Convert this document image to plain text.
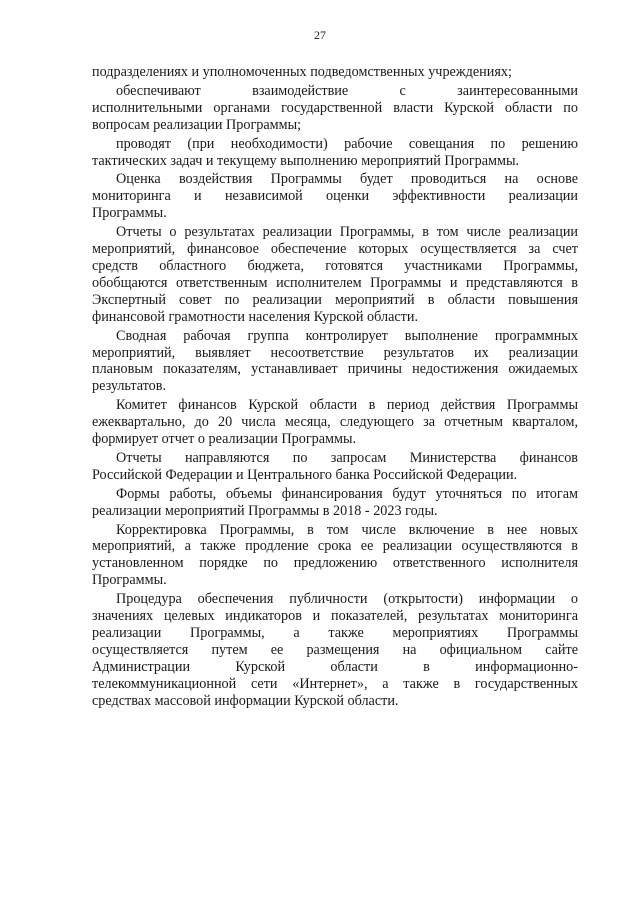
27
подразделениях и уполномоченных подведомственных учреждениях;
обеспечивают взаимодействие с заинтересованными
исполнительными органами государственной власти Курской области по
вопросам реализации Программы;
проводят (при необходимости) рабочие совещания по решению
тактических задач и текущему выполнению мероприятий Программы.
Оценка воздействия Программы будет проводиться на основе
мониторинга и независимой оценки эффективности реализации
Программы.
Отчеты о результатах реализации Программы, в том числе реализации
мероприятий, финансовое обеспечение которых осуществляется за счет
средств областного бюджета, готовятся участниками Программы,
обобщаются ответственным исполнителем Программы и представляются в
Экспертный совет по реализации мероприятий в области повышения
финансовой грамотности населения Курской области.
Сводная рабочая группа контролирует выполнение программных
мероприятий, выявляет несоответствие результатов их реализации
плановым показателям, устанавливает причины недостижения ожидаемых
результатов.
Комитет финансов Курской области в период действия Программы
ежеквартально, до 20 числа месяца, следующего за отчетным кварталом,
формирует отчет о реализации Программы.
Отчеты направляются по запросам Министерства финансов
Российской Федерации и Центрального банка Российской Федерации.
Формы работы, объемы финансирования будут уточняться по итогам
реализации мероприятий Программы в 2018 - 2023 годы.
Корректировка Программы, в том числе включение в нее новых
мероприятий, а также продление срока ее реализации осуществляются в
установленном порядке по предложению ответственного исполнителя
Программы.
Процедура обеспечения публичности (открытости) информации о
значениях целевых индикаторов и показателей, результатах мониторинга
реализации Программы, а также мероприятиях Программы
осуществляется путем ее размещения на официальном сайте
Администрации Курской области в информационно-
телекоммуникационной сети «Интернет», а также в государственных
средствах массовой информации Курской области.
